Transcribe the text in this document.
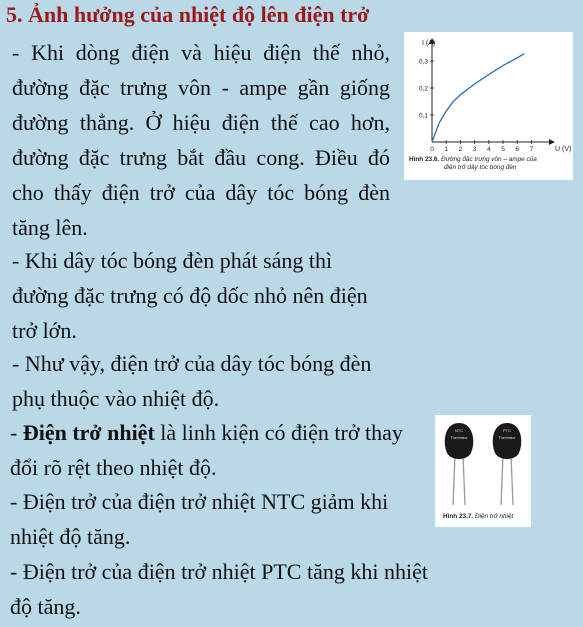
5. Ảnh hưởng của nhiệt độ lên điện trở

- Khi dòng điện và hiệu điện thế nhỏ, đường đặc trưng vôn - ampe gần giống đường thẳng. Ở hiệu điện thế cao hơn, đường đặc trưng bắt đầu cong. Điều đó cho thấy điện trở của dây tóc bóng đèn tăng lên.

- Khi dây tóc bóng đèn phát sáng thì đường đặc trưng có độ dốc nhỏ nên điện trở lớn.

- Như vậy, điện trở của dây tóc bóng đèn phụ thuộc vào nhiệt độ.

- Điện trở nhiệt là linh kiện có điện trở thay đổi rõ rệt theo nhiệt độ.

- Điện trở của điện trở nhiệt NTC giảm khi nhiệt độ tăng.

- Điện trở của điện trở nhiệt PTC tăng khi nhiệt độ tăng.

I (A)
U (V)
0,3
0,2
0,1
0 1 2 3 4 5 6 7
Hình 23.6. Đường đặc trưng vôn – ampe của
điện trở dây tóc bóng đèn
NTC
Thermistor
PTC
Thermistor
Hình 23.7. Điện trở nhiệt
